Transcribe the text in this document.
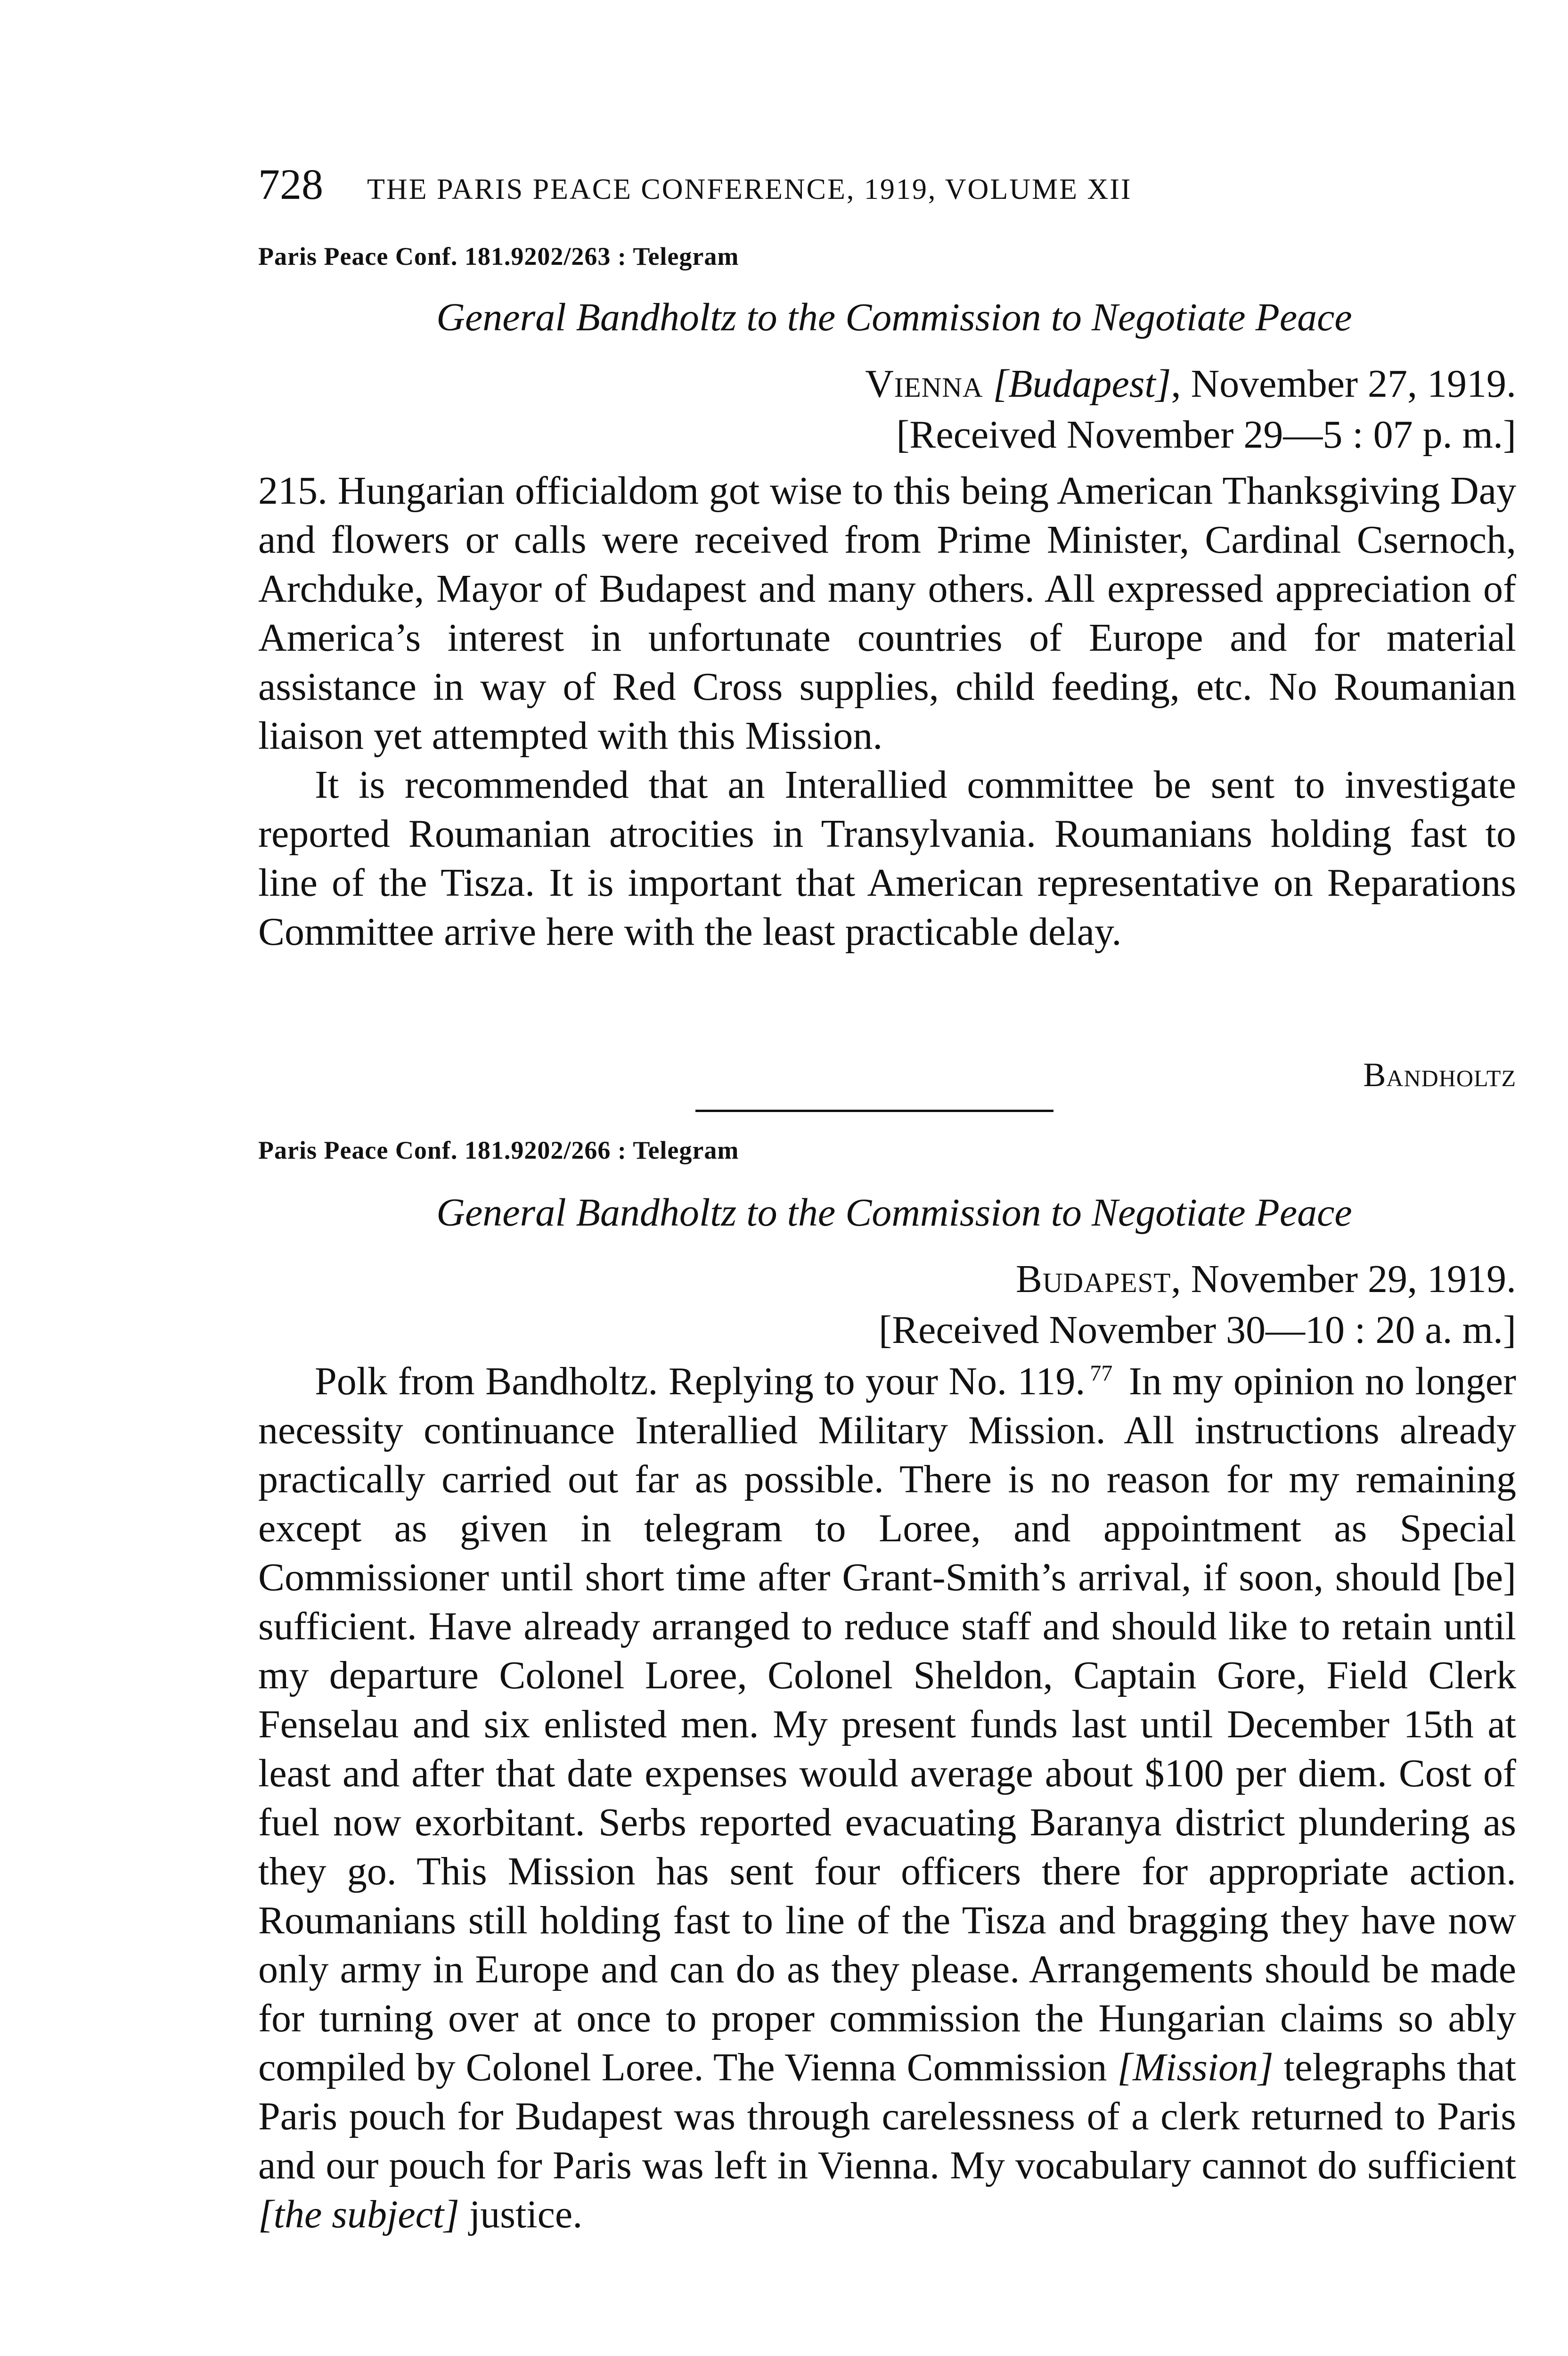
728 THE PARIS PEACE CONFERENCE, 1919, VOLUME XII
Paris Peace Conf. 181.9202/263 : Telegram
General Bandholtz to the Commission to Negotiate Peace
Vienna [Budapest], November 27, 1919.
[Received November 29—5 : 07 p. m.]

215. Hungarian officialdom got wise to this being American Thanksgiving Day and flowers or calls were received from Prime Minister, Cardinal Csernoch, Archduke, Mayor of Budapest and many others. All expressed appreciation of America’s interest in unfortunate countries of Europe and for material assistance in way of Red Cross supplies, child feeding, etc. No Roumanian liaison yet attempted with this Mission.

It is recommended that an Interallied committee be sent to investigate reported Roumanian atrocities in Transylvania. Roumanians holding fast to line of the Tisza. It is important that American representative on Reparations Committee arrive here with the least practicable delay.

Bandholtz
Paris Peace Conf. 181.9202/266 : Telegram
General Bandholtz to the Commission to Negotiate Peace
Budapest, November 29, 1919.
[Received November 30—10 : 20 a. m.]

Polk from Bandholtz. Replying to your No. 119. $^{77}$ In my opinion no longer necessity continuance Interallied Military Mission. All instructions already practically carried out far as possible. There is no reason for my remaining except as given in telegram to Loree, and appointment as Special Commissioner until short time after Grant-Smith’s arrival, if soon, should [be] sufficient. Have already arranged to reduce staff and should like to retain until my departure Colonel Loree, Colonel Sheldon, Captain Gore, Field Clerk Fenselau and six enlisted men. My present funds last until December 15th at least and after that date expenses would average about $100 per diem. Cost of fuel now exorbitant. Serbs reported evacuating Baranya district plundering as they go. This Mission has sent four officers there for appropriate action. Roumanians still holding fast to line of the Tisza and bragging they have now only army in Europe and can do as they please. Arrangements should be made for turning over at once to proper commission the Hungarian claims so ably compiled by Colonel Loree. The Vienna Commission [Mission] telegraphs that Paris pouch for Budapest was through carelessness of a clerk returned to Paris and our pouch for Paris was left in Vienna. My vocabulary cannot do sufficient [the subject] justice.
